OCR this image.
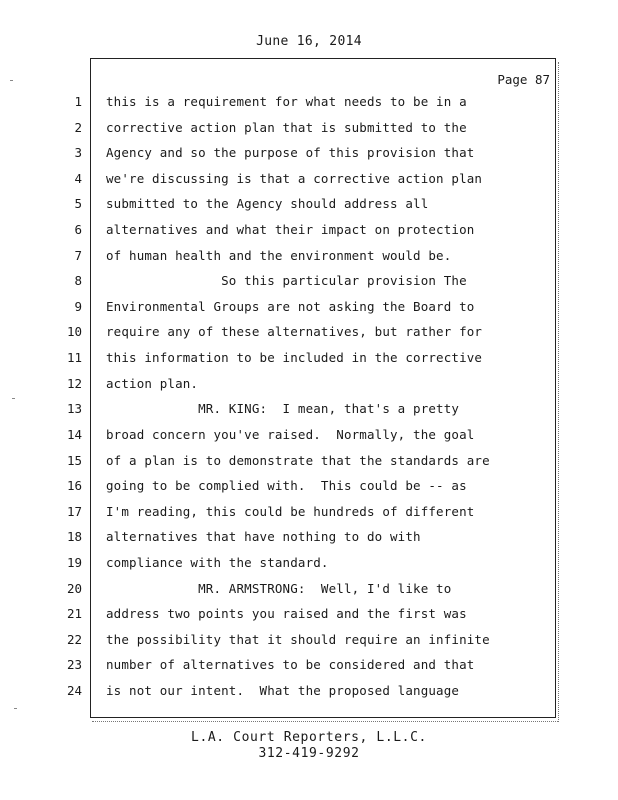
June 16, 2014
Page 87
1 this is a requirement for what needs to be in a
2 corrective action plan that is submitted to the
3 Agency and so the purpose of this provision that
4 we're discussing is that a corrective action plan
5 submitted to the Agency should address all
6 alternatives and what their impact on protection
7 of human health and the environment would be.
8 So this particular provision The
9 Environmental Groups are not asking the Board to
10 require any of these alternatives, but rather for
11 this information to be included in the corrective
12 action plan.
13 MR. KING:  I mean, that's a pretty
14 broad concern you've raised.  Normally, the goal
15 of a plan is to demonstrate that the standards are
16 going to be complied with.  This could be -- as
17 I'm reading, this could be hundreds of different
18 alternatives that have nothing to do with
19 compliance with the standard.
20 MR. ARMSTRONG:  Well, I'd like to
21 address two points you raised and the first was
22 the possibility that it should require an infinite
23 number of alternatives to be considered and that
24 is not our intent.  What the proposed language
L.A. Court Reporters, L.L.C.
312-419-9292
